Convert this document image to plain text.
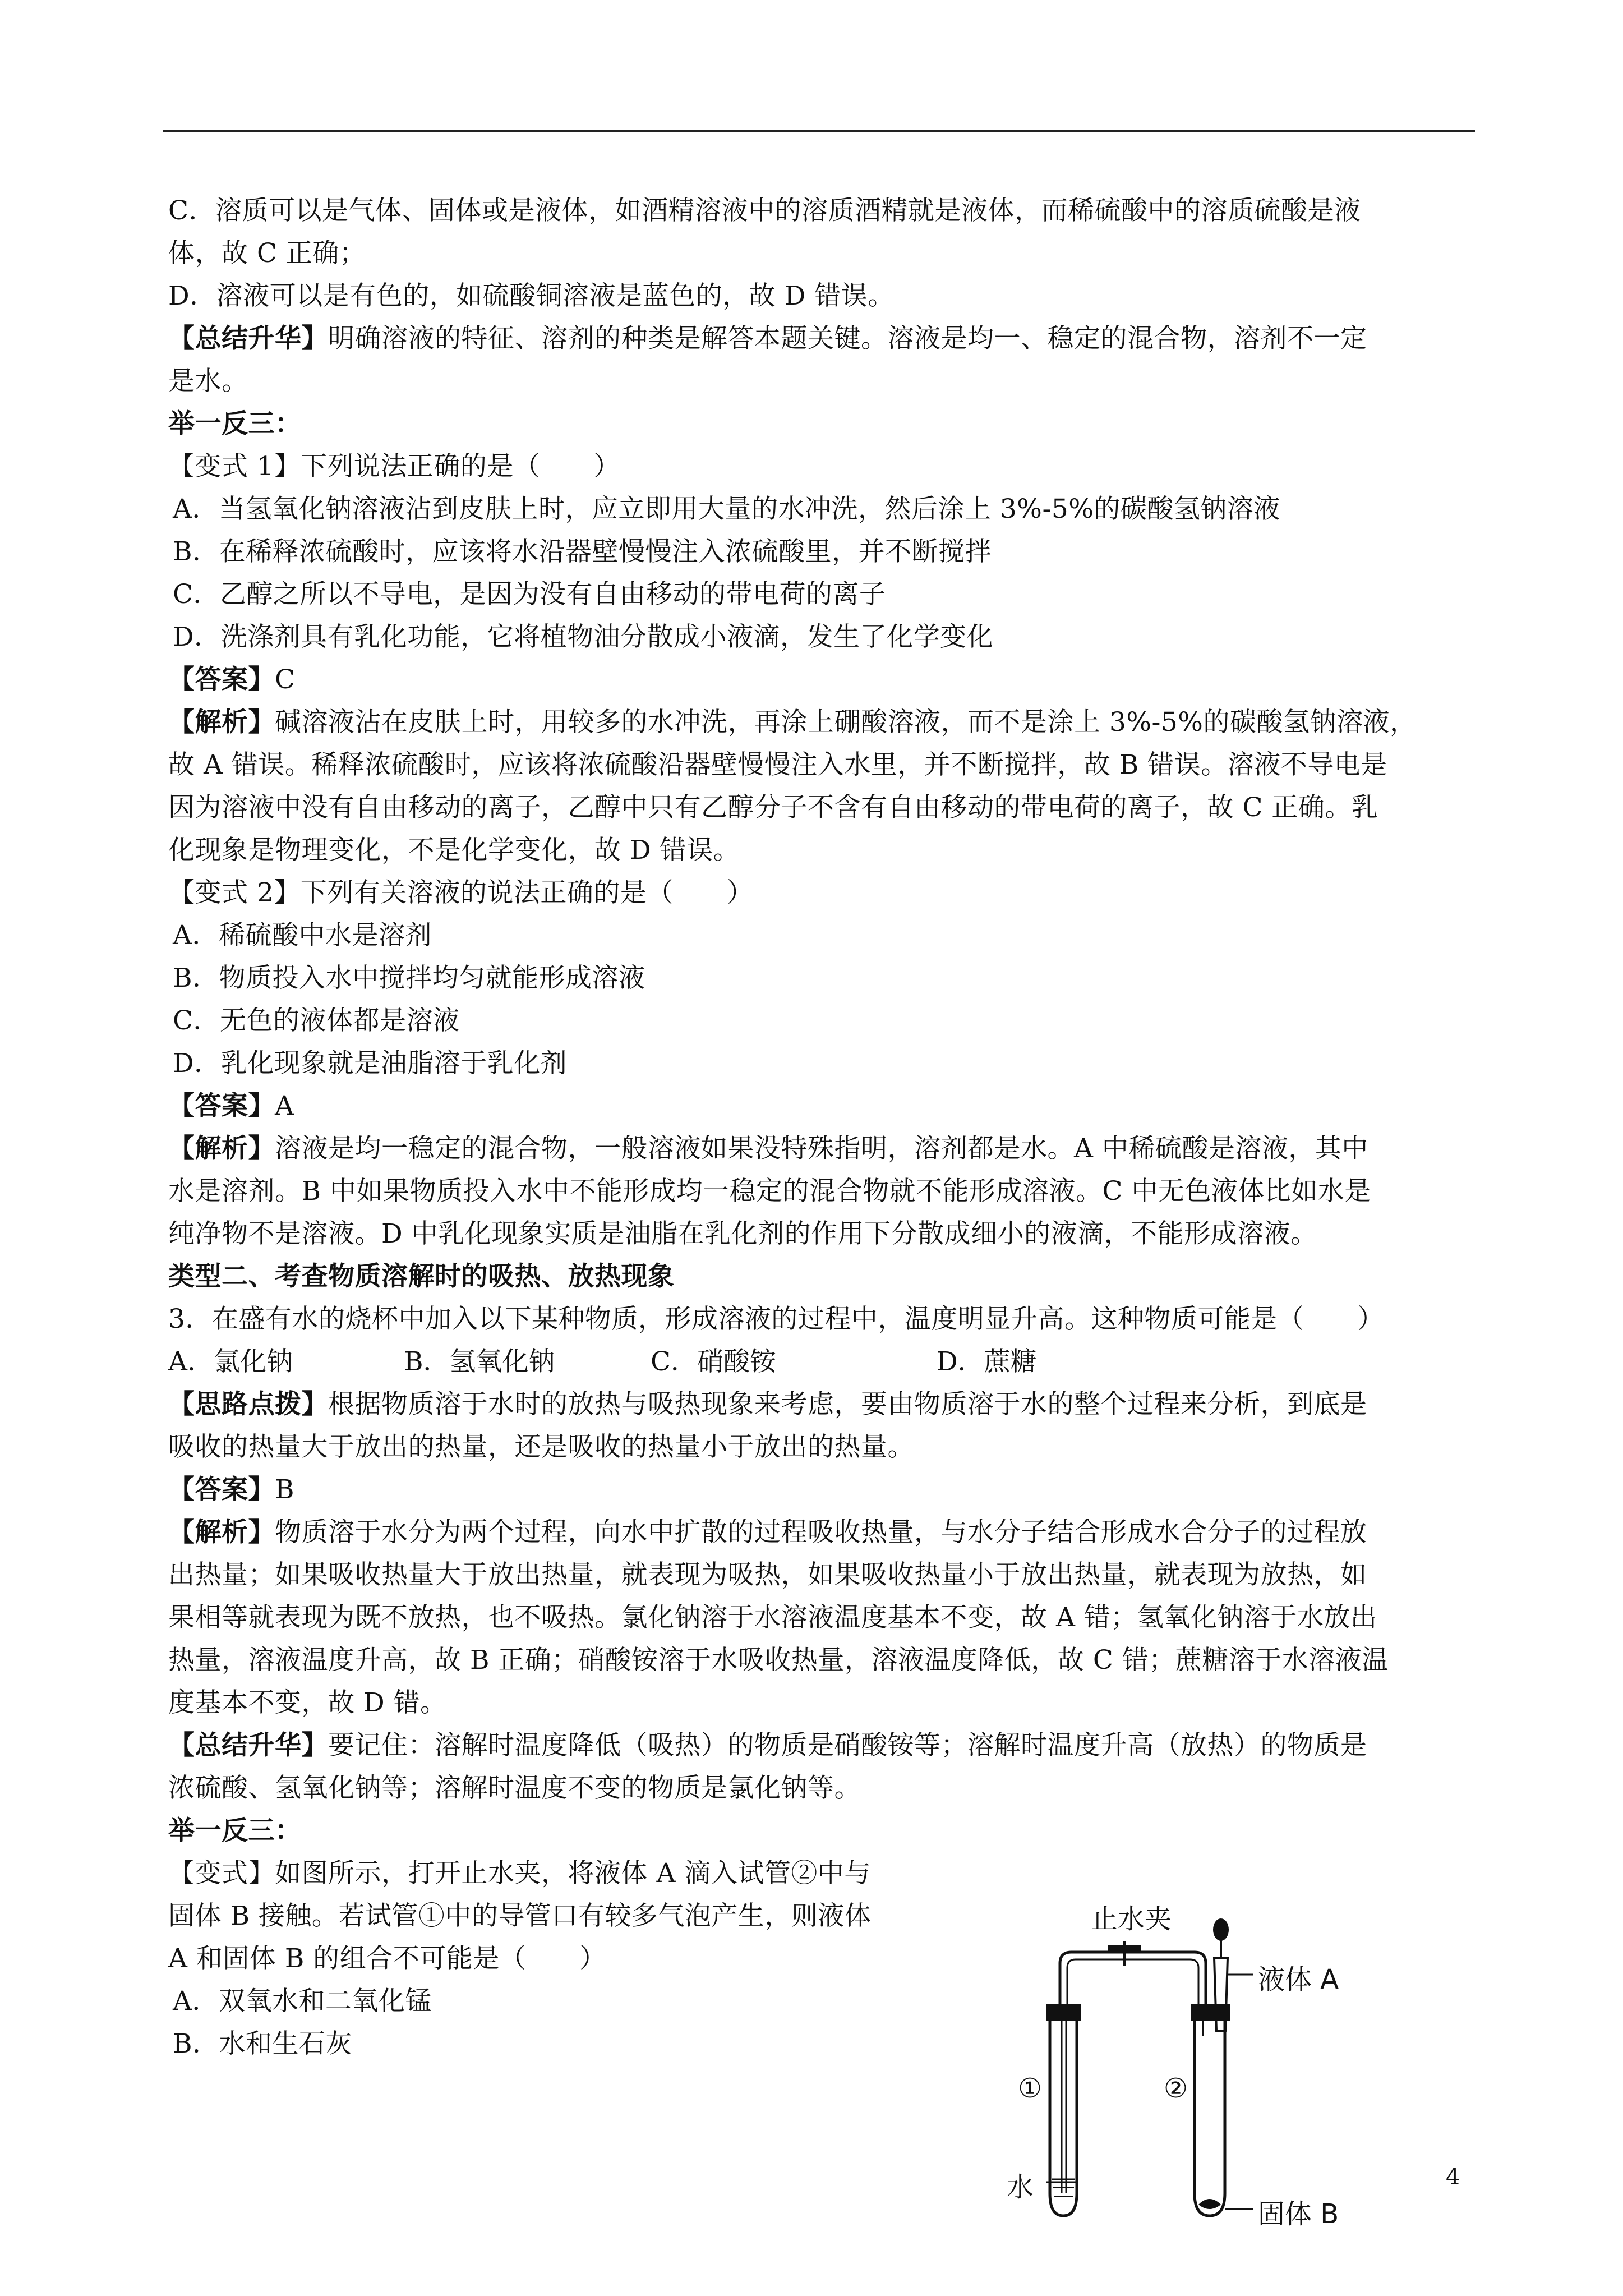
C．溶质可以是气体、固体或是液体，如酒精溶液中的溶质酒精就是液体，而稀硫酸中的溶质硫酸是液
体，故 C 正确；
D．溶液可以是有色的，如硫酸铜溶液是蓝色的，故 D 错误。
【总结升华】明确溶液的特征、溶剂的种类是解答本题关键。溶液是均一、稳定的混合物，溶剂不一定
是水。
举一反三：
【变式 1】下列说法正确的是（　　）
A．当氢氧化钠溶液沾到皮肤上时，应立即用大量的水冲洗，然后涂上 3%-5%的碳酸氢钠溶液
B．在稀释浓硫酸时，应该将水沿器壁慢慢注入浓硫酸里，并不断搅拌
C．乙醇之所以不导电，是因为没有自由移动的带电荷的离子
D．洗涤剂具有乳化功能，它将植物油分散成小液滴，发生了化学变化
【答案】C
【解析】碱溶液沾在皮肤上时，用较多的水冲洗，再涂上硼酸溶液，而不是涂上 3%-5%的碳酸氢钠溶液，
故 A 错误。稀释浓硫酸时，应该将浓硫酸沿器壁慢慢注入水里，并不断搅拌，故 B 错误。溶液不导电是
因为溶液中没有自由移动的离子，乙醇中只有乙醇分子不含有自由移动的带电荷的离子，故 C 正确。乳
化现象是物理变化，不是化学变化，故 D 错误。
【变式 2】下列有关溶液的说法正确的是（　　）
A．稀硫酸中水是溶剂
B．物质投入水中搅拌均匀就能形成溶液
C．无色的液体都是溶液
D．乳化现象就是油脂溶于乳化剂
【答案】A
【解析】溶液是均一稳定的混合物，一般溶液如果没特殊指明，溶剂都是水。A 中稀硫酸是溶液，其中
水是溶剂。B 中如果物质投入水中不能形成均一稳定的混合物就不能形成溶液。C 中无色液体比如水是
纯净物不是溶液。D 中乳化现象实质是油脂在乳化剂的作用下分散成细小的液滴，不能形成溶液。
类型二、考查物质溶解时的吸热、放热现象
3．在盛有水的烧杯中加入以下某种物质，形成溶液的过程中，温度明显升高。这种物质可能是（　　）
A．氯化钠	B．氢氧化钠	C．硝酸铵	D．蔗糖
【思路点拨】根据物质溶于水时的放热与吸热现象来考虑，要由物质溶于水的整个过程来分析，到底是
吸收的热量大于放出的热量，还是吸收的热量小于放出的热量。
【答案】B
【解析】物质溶于水分为两个过程，向水中扩散的过程吸收热量，与水分子结合形成水合分子的过程放
出热量；如果吸收热量大于放出热量，就表现为吸热，如果吸收热量小于放出热量，就表现为放热，如
果相等就表现为既不放热，也不吸热。氯化钠溶于水溶液温度基本不变，故 A 错；氢氧化钠溶于水放出
热量，溶液温度升高，故 B 正确；硝酸铵溶于水吸收热量，溶液温度降低，故 C 错；蔗糖溶于水溶液温
度基本不变，故 D 错。
【总结升华】要记住：溶解时温度降低（吸热）的物质是硝酸铵等；溶解时温度升高（放热）的物质是
浓硫酸、氢氧化钠等；溶解时温度不变的物质是氯化钠等。
举一反三：
【变式】如图所示，打开止水夹，将液体 A 滴入试管②中与
固体 B 接触。若试管①中的导管口有较多气泡产生，则液体
A 和固体 B 的组合不可能是（　　）
A．双氧水和二氧化锰
B．水和生石灰
止水夹
液体 A
①	②
水
固体 B
4
